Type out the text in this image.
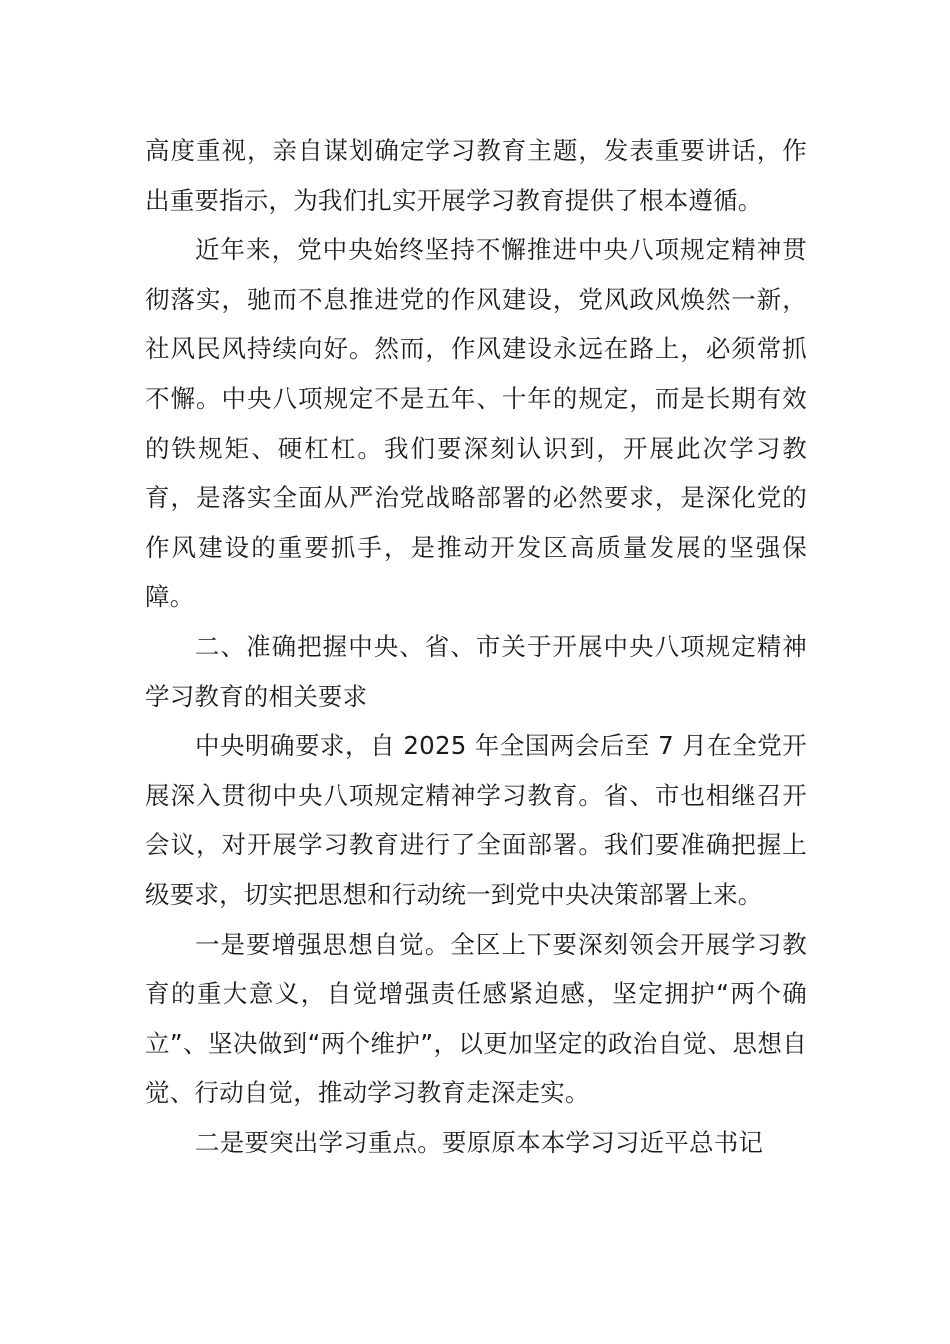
高度重视，亲自谋划确定学习教育主题，发表重要讲话，作出重要指示，为我们扎实开展学习教育提供了根本遵循。

近年来，党中央始终坚持不懈推进中央八项规定精神贯彻落实，驰而不息推进党的作风建设，党风政风焕然一新，社风民风持续向好。然而，作风建设永远在路上，必须常抓不懈。中央八项规定不是五年、十年的规定，而是长期有效的铁规矩、硬杠杠。我们要深刻认识到，开展此次学习教育，是落实全面从严治党战略部署的必然要求，是深化党的作风建设的重要抓手，是推动开发区高质量发展的坚强保障。

二、准确把握中央、省、市关于开展中央八项规定精神学习教育的相关要求

中央明确要求，自 2025 年全国两会后至 7 月在全党开展深入贯彻中央八项规定精神学习教育。省、市也相继召开会议，对开展学习教育进行了全面部署。我们要准确把握上级要求，切实把思想和行动统一到党中央决策部署上来。

一是要增强思想自觉。全区上下要深刻领会开展学习教育的重大意义，自觉增强责任感紧迫感，坚定拥护“两个确立”、坚决做到“两个维护”，以更加坚定的政治自觉、思想自觉、行动自觉，推动学习教育走深走实。

二是要突出学习重点。要原原本本学习习近平总书记
